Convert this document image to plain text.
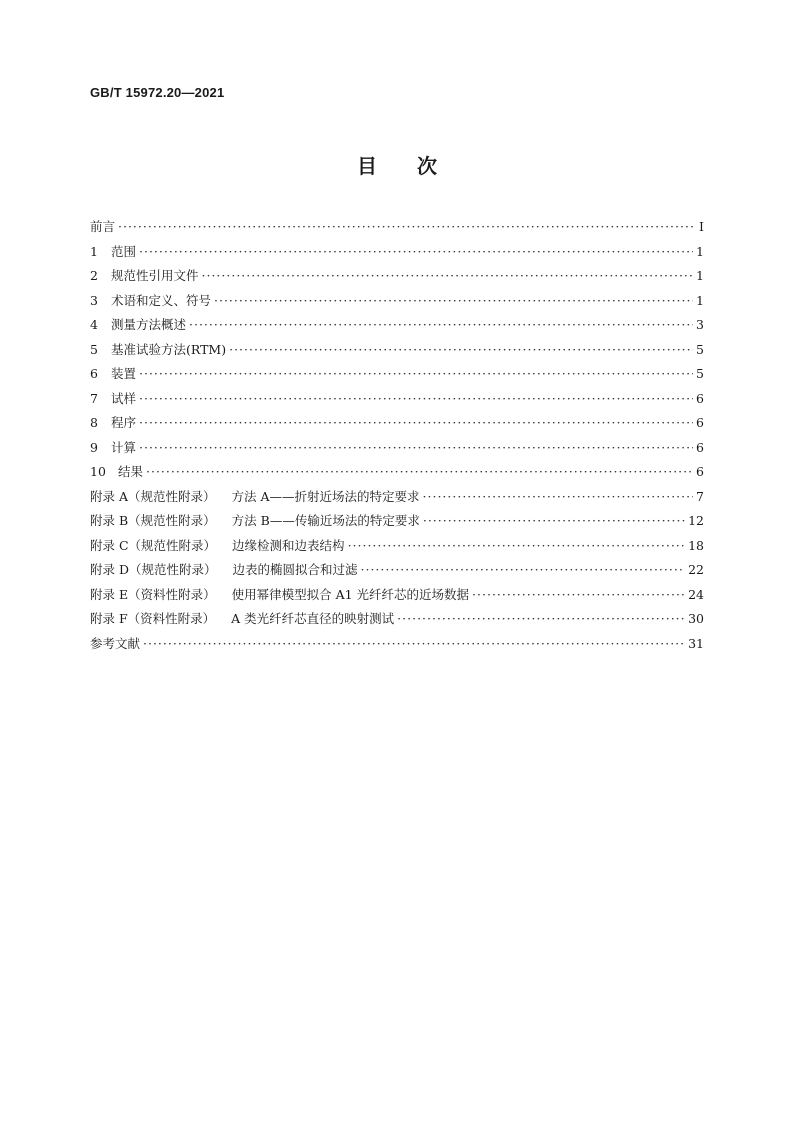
GB/T 15972.20—2021
目次
前言 ·····	Ⅰ
1 范围 ·····	1
2 规范性引用文件 ·····	1
3 术语和定义、符号 ·····	1
4 测量方法概述 ·····	3
5 基准试验方法(RTM) ·····	5
6 装置 ·····	5
7 试样 ·····	6
8 程序 ·····	6
9 计算 ·····	6
10 结果 ·····	6
附录 A（规范性附录） 方法 A——折射近场法的特定要求 ·····	7
附录 B（规范性附录） 方法 B——传输近场法的特定要求 ·····	12
附录 C（规范性附录） 边缘检测和边表结构 ·····	18
附录 D（规范性附录） 边表的椭圆拟合和过滤 ·····	22
附录 E（资料性附录） 使用幂律模型拟合 A1 光纤纤芯的近场数据 ·····	24
附录 F（资料性附录） A 类光纤纤芯直径的映射测试 ·····	30
参考文献 ·····	31
